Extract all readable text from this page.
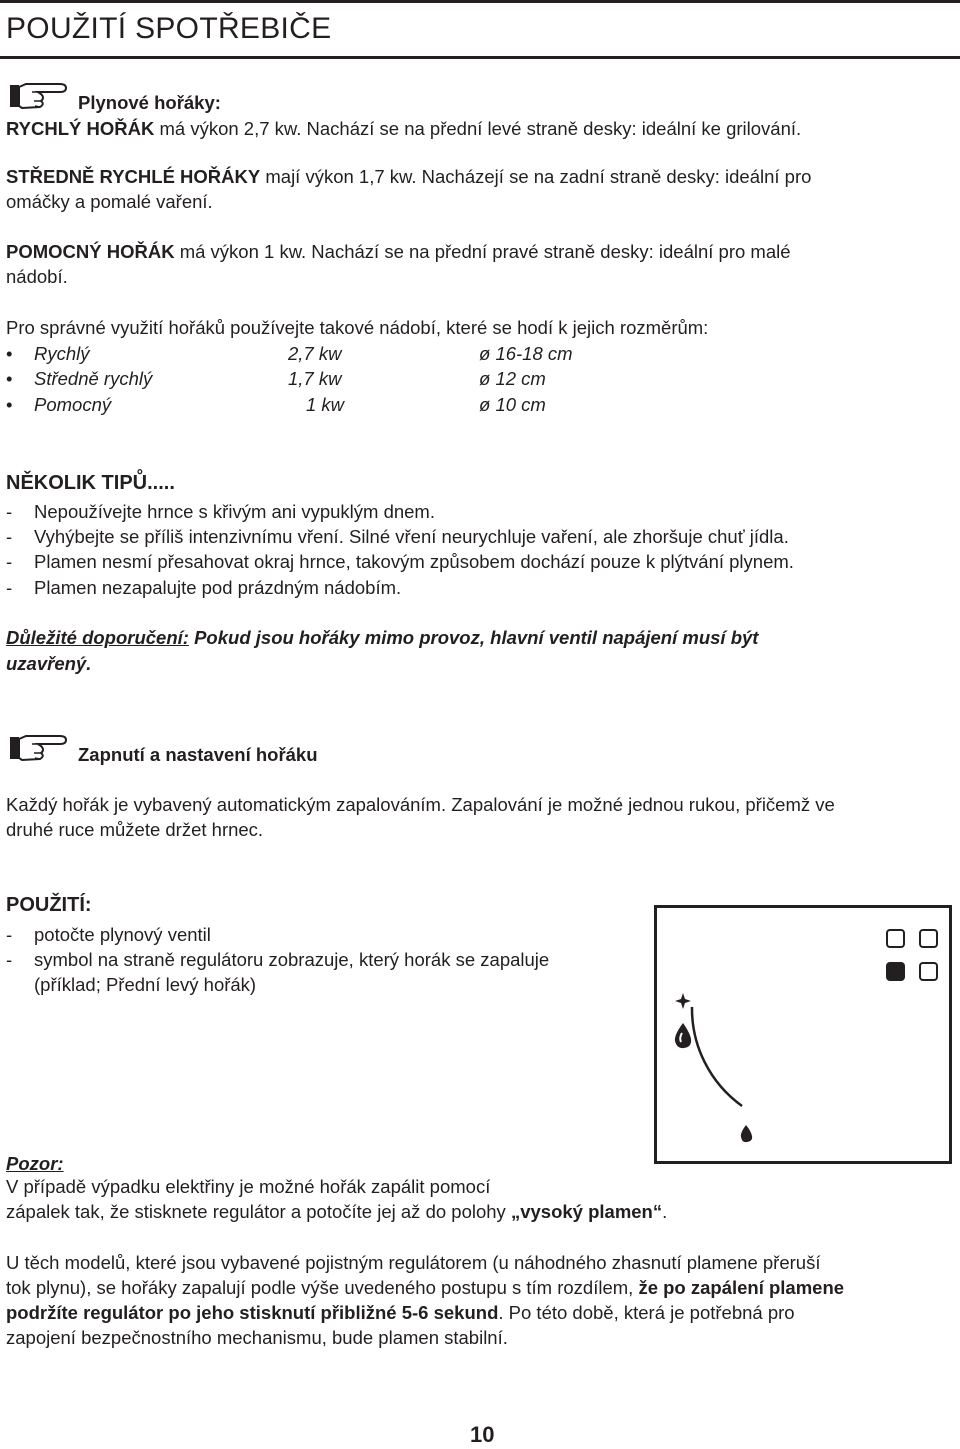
POUŽITÍ SPOTŘEBIČE
Plynové hořáky:
RYCHLÝ HOŘÁK má výkon 2,7 kw. Nachází se na přední levé straně desky: ideální ke grilování.
STŘEDNĚ RYCHLÉ HOŘÁKY mají výkon 1,7 kw. Nacházejí se na zadní straně desky: ideální pro
omáčky a pomalé vaření.
POMOCNÝ HOŘÁK má výkon 1 kw. Nachází se na přední pravé straně desky: ideální pro malé
nádobí.
Pro správné využití hořáků používejte takové nádobí, které se hodí k jejich rozměrům:
• Rychlý	2,7 kw	ø 16-18 cm
• Středně rychlý	1,7 kw	ø 12 cm
• Pomocný	1 kw	ø 10 cm
NĚKOLIK TIPŮ.....
- Nepoužívejte hrnce s křivým ani vypuklým dnem.
- Vyhýbejte se příliš intenzivnímu vření. Silné vření neurychluje vaření, ale zhoršuje chuť jídla.
- Plamen nesmí přesahovat okraj hrnce, takovým způsobem dochází pouze k plýtvání plynem.
- Plamen nezapalujte pod prázdným nádobím.
Důležité doporučení: Pokud jsou hořáky mimo provoz, hlavní ventil napájení musí být
uzavřený.
Zapnutí a nastavení hořáku
Každý hořák je vybavený automatickým zapalováním. Zapalování je možné jednou rukou, přičemž ve
druhé ruce můžete držet hrnec.
POUŽITÍ:
- potočte plynový ventil
- symbol na straně regulátoru zobrazuje, který horák se zapaluje
(příklad; Přední levý hořák)
Pozor:
V případě výpadku elektřiny je možné hořák zapálit pomocí
zápalek tak, že stisknete regulátor a potočíte jej až do polohy „vysoký plamen“.
U těch modelů, které jsou vybavené pojistným regulátorem (u náhodného zhasnutí plamene přeruší
tok plynu), se hořáky zapalují podle výše uvedeného postupu s tím rozdílem, že po zapálení plamene
podržíte regulátor po jeho stisknutí přibližné 5-6 sekund. Po této době, která je potřebná pro
zapojení bezpečnostního mechanismu, bude plamen stabilní.
10
